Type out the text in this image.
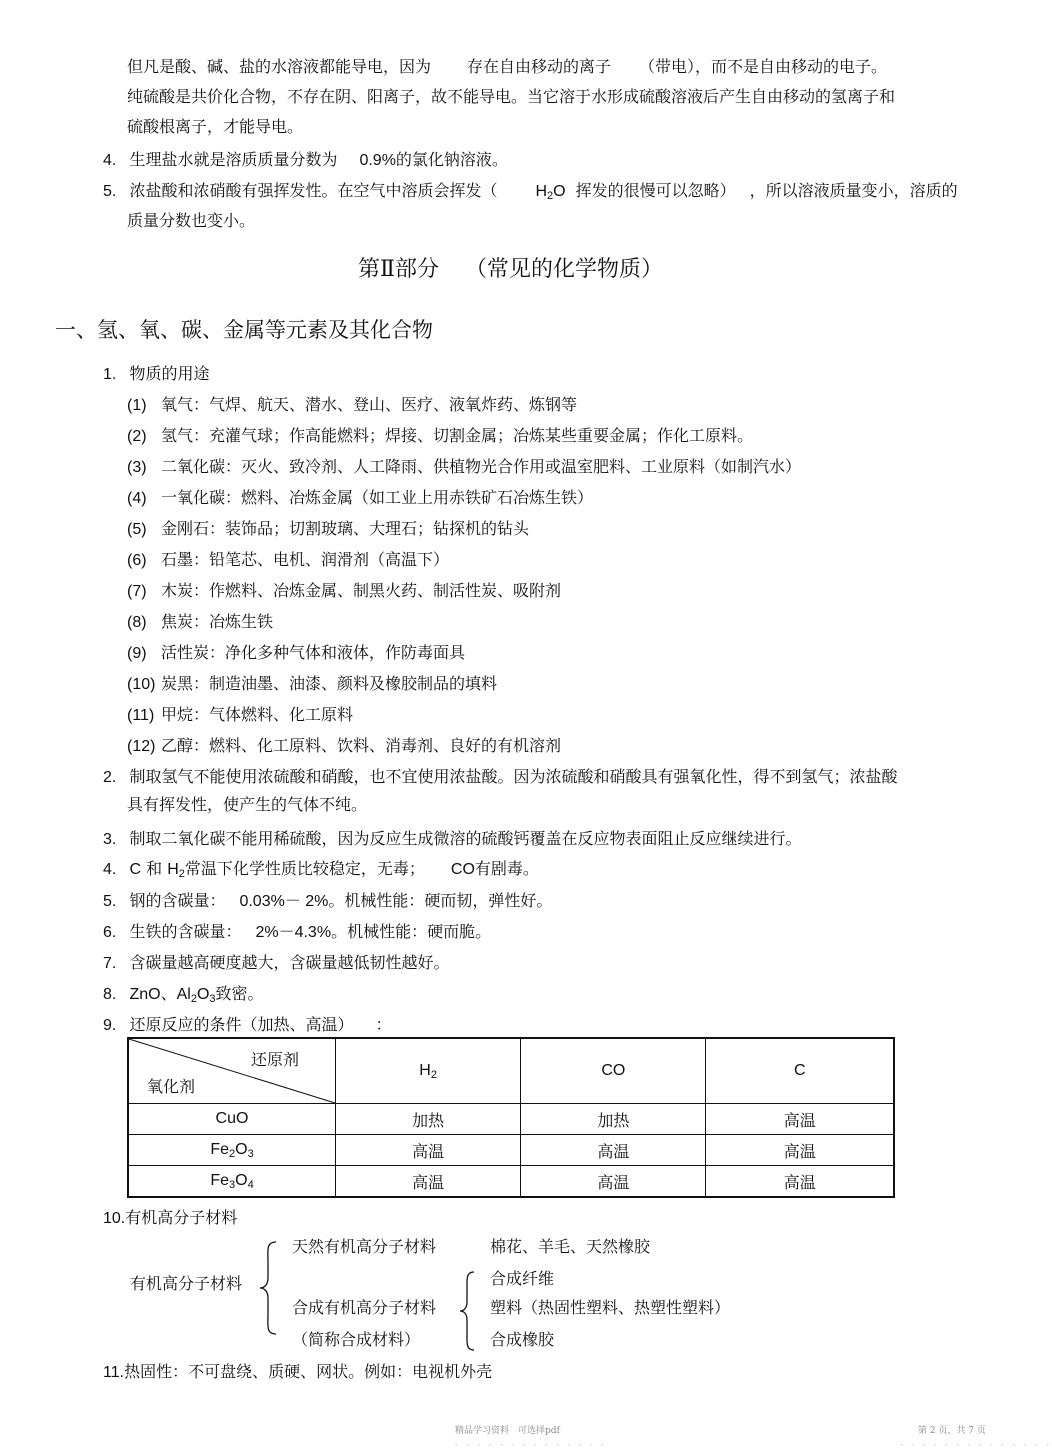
但凡是酸、碱、盐的水溶液都能导电，因为 存在自由移动的离子 （带电），而不是自由移动的电子。
纯硫酸是共价化合物，不存在阴、阳离子，故不能导电。当它溶于水形成硫酸溶液后产生自由移动的氢离子和
硫酸根离子，才能导电。
4. 生理盐水就是溶质质量分数为 0.9%的氯化钠溶液。
5. 浓盐酸和浓硝酸有强挥发性。在空气中溶质会挥发（ $H_2O$ 挥发的很慢可以忽略） ，所以溶液质量变小，溶质的
质量分数也变小。
第Ⅱ部分 （常见的化学物质）
一、氢、氧、碳、金属等元素及其化合物
1. 物质的用途
(1) 氧气：气焊、航天、潜水、登山、医疗、液氧炸药、炼钢等
(2) 氢气：充灌气球；作高能燃料；焊接、切割金属；冶炼某些重要金属；作化工原料。
(3) 二氧化碳：灭火、致冷剂、人工降雨、供植物光合作用或温室肥料、工业原料（如制汽水）
(4) 一氧化碳：燃料、冶炼金属（如工业上用赤铁矿石冶炼生铁）
(5) 金刚石：装饰品；切割玻璃、大理石；钻探机的钻头
(6) 石墨：铅笔芯、电机、润滑剂（高温下）
(7) 木炭：作燃料、冶炼金属、制黑火药、制活性炭、吸附剂
(8) 焦炭：冶炼生铁
(9) 活性炭：净化多种气体和液体，作防毒面具
(10) 炭黑：制造油墨、油漆、颜料及橡胶制品的填料
(11) 甲烷：气体燃料、化工原料
(12) 乙醇：燃料、化工原料、饮料、消毒剂、良好的有机溶剂
2. 制取氢气不能使用浓硫酸和硝酸，也不宜使用浓盐酸。因为浓硫酸和硝酸具有强氧化性，得不到氢气；浓盐酸
具有挥发性，使产生的气体不纯。
3. 制取二氧化碳不能用稀硫酸，因为反应生成微溶的硫酸钙覆盖在反应物表面阻止反应继续进行。
4. C 和 $H_2$常温下化学性质比较稳定，无毒； CO有剧毒。
5. 钢的含碳量： 0.03%－ 2%。机械性能：硬而韧，弹性好。
6. 生铁的含碳量： 2%－4.3%。机械性能：硬而脆。
7. 含碳量越高硬度越大，含碳量越低韧性越好。
8. ZnO、$Al_2O_3$致密。
9. 还原反应的条件（加热、高温） ：
还原剂
氧化剂	$H_2$	CO	C
CuO	加热	加热	高温
$Fe_2O_3$	高温	高温	高温
$Fe_3O_4$	高温	高温	高温
10.有机高分子材料
有机高分子材料
天然有机高分子材料	棉花、羊毛、天然橡胶
合成有机高分子材料
（简称合成材料）
合成纤维
塑料（热固性塑料、热塑性塑料）
合成橡胶
11.热固性：不可盘绕、质硬、网状。例如：电视机外壳
精品学习资料　可选择pdf	第 2 页，共 7 页
- - - - - - - - - - - - - -	- - - - - - - - - - - - - -
